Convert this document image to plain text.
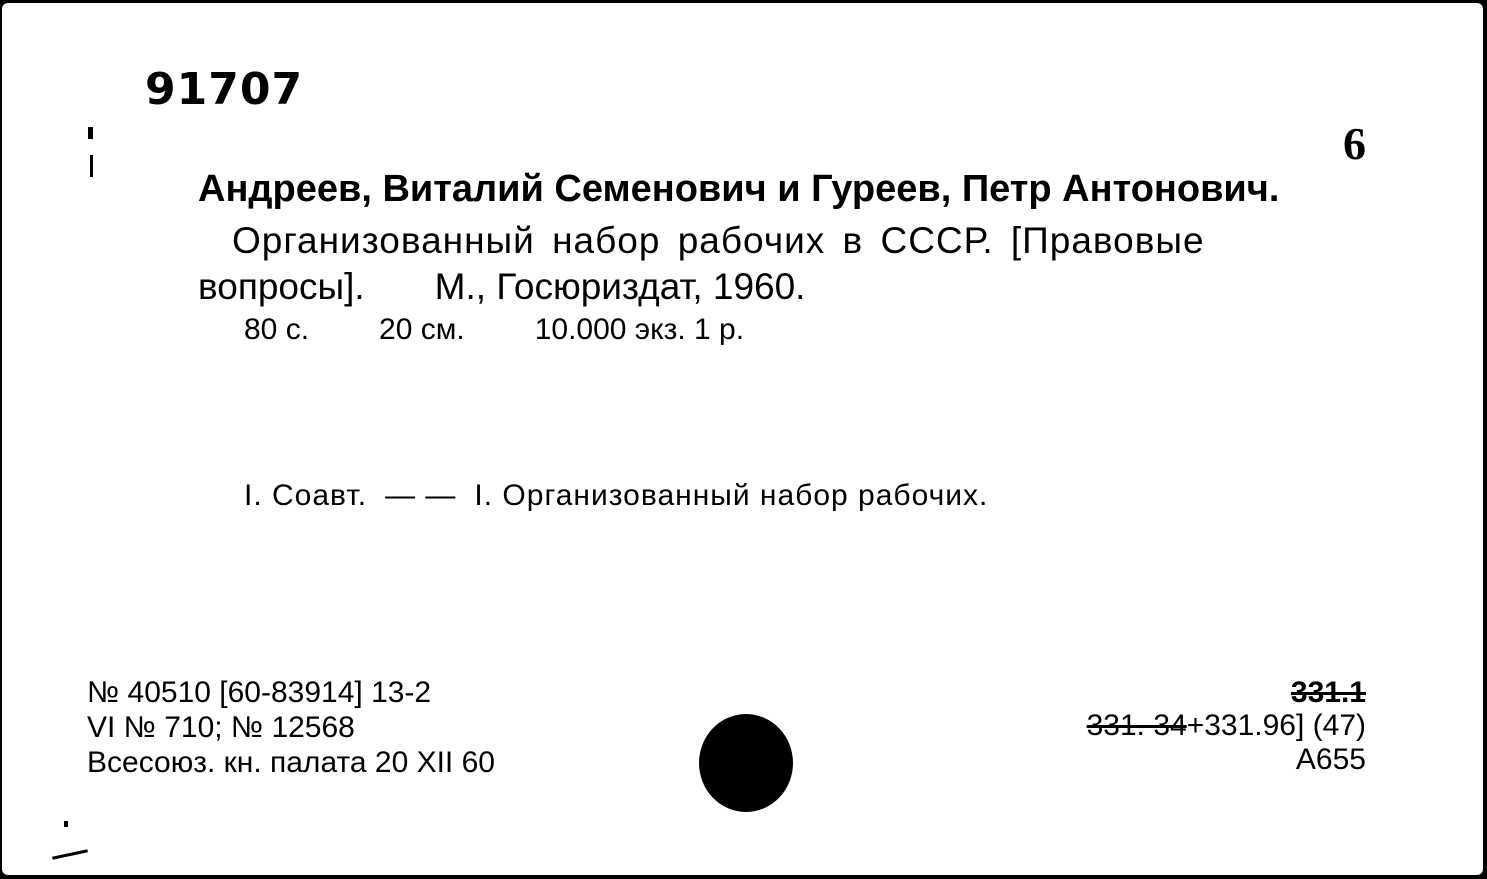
91707
6
Андреев, Виталий Семенович и Гуреев, Петр Антонович.
Организованный набор рабочих в СССР. [Правовые
вопросы]. М., Госюриздат, 1960.
80 с. 20 см. 10.000 экз. 1 р.
I. Соавт. — — I. Организованный набор рабочих.
№ 40510 [60-83914] 13-2
VI № 710; № 12568
Всесоюз. кн. палата 20 XII 60
331.1
331. 34+331.96] (47)
А655
